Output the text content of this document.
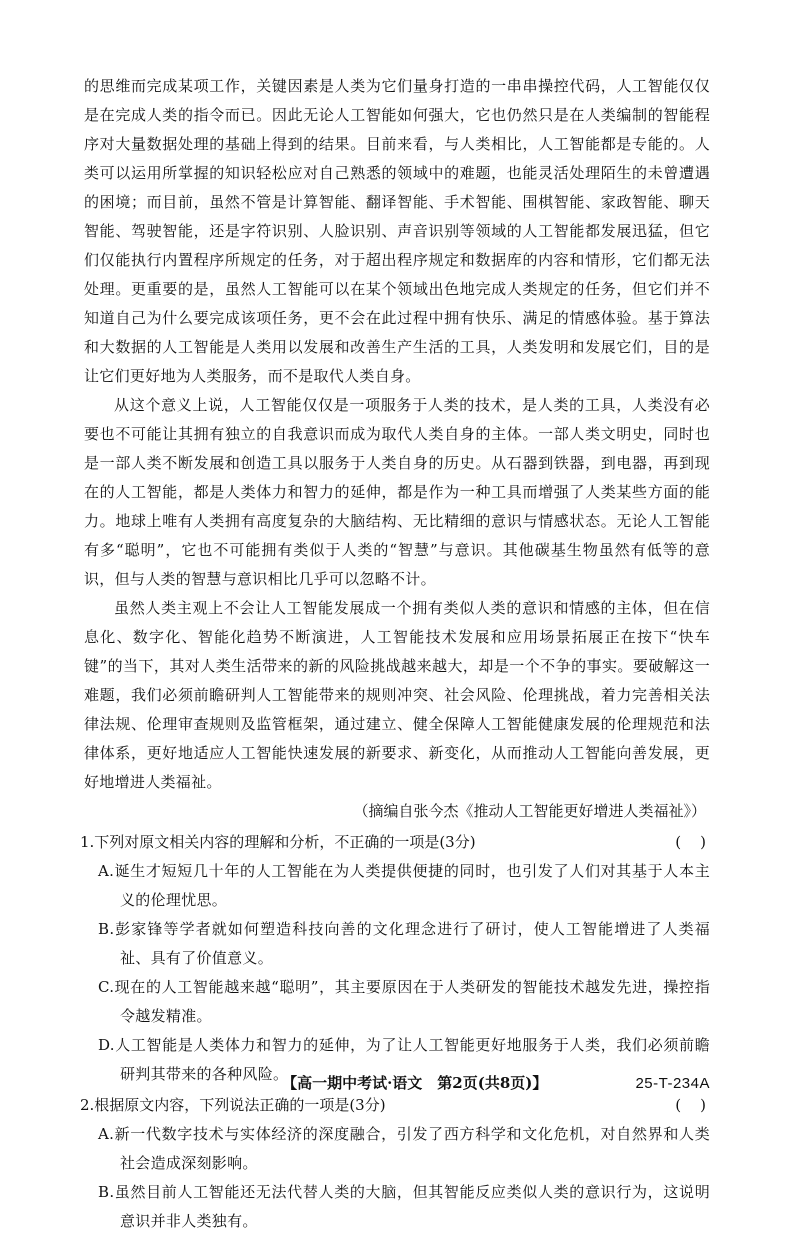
的思维而完成某项工作，关键因素是人类为它们量身打造的一串串操控代码，人工智能仅仅是在完成人类的指令而已。因此无论人工智能如何强大，它也仍然只是在人类编制的智能程序对大量数据处理的基础上得到的结果。目前来看，与人类相比，人工智能都是专能的。人类可以运用所掌握的知识轻松应对自己熟悉的领域中的难题，也能灵活处理陌生的未曾遭遇的困境；而目前，虽然不管是计算智能、翻译智能、手术智能、围棋智能、家政智能、聊天智能、驾驶智能，还是字符识别、人脸识别、声音识别等领域的人工智能都发展迅猛，但它们仅能执行内置程序所规定的任务，对于超出程序规定和数据库的内容和情形，它们都无法处理。更重要的是，虽然人工智能可以在某个领域出色地完成人类规定的任务，但它们并不知道自己为什么要完成该项任务，更不会在此过程中拥有快乐、满足的情感体验。基于算法和大数据的人工智能是人类用以发展和改善生产生活的工具，人类发明和发展它们，目的是让它们更好地为人类服务，而不是取代人类自身。

从这个意义上说，人工智能仅仅是一项服务于人类的技术，是人类的工具，人类没有必要也不可能让其拥有独立的自我意识而成为取代人类自身的主体。一部人类文明史，同时也是一部人类不断发展和创造工具以服务于人类自身的历史。从石器到铁器，到电器，再到现在的人工智能，都是人类体力和智力的延伸，都是作为一种工具而增强了人类某些方面的能力。地球上唯有人类拥有高度复杂的大脑结构、无比精细的意识与情感状态。无论人工智能有多“聪明”，它也不可能拥有类似于人类的“智慧”与意识。其他碳基生物虽然有低等的意识，但与人类的智慧与意识相比几乎可以忽略不计。

虽然人类主观上不会让人工智能发展成一个拥有类似人类的意识和情感的主体，但在信息化、数字化、智能化趋势不断演进，人工智能技术发展和应用场景拓展正在按下“快车键”的当下，其对人类生活带来的新的风险挑战越来越大，却是一个不争的事实。要破解这一难题，我们必须前瞻研判人工智能带来的规则冲突、社会风险、伦理挑战，着力完善相关法律法规、伦理审查规则及监管框架，通过建立、健全保障人工智能健康发展的伦理规范和法律体系，更好地适应人工智能快速发展的新要求、新变化，从而推动人工智能向善发展，更好地增进人类福祉。

（摘编自张今杰《推动人工智能更好增进人类福祉》）

1.下列对原文相关内容的理解和分析，不正确的一项是(3分)	(    )
A.诞生才短短几十年的人工智能在为人类提供便捷的同时，也引发了人们对其基于人本主义的伦理忧思。
B.彭家锋等学者就如何塑造科技向善的文化理念进行了研讨，使人工智能增进了人类福祉、具有了价值意义。
C.现在的人工智能越来越“聪明”，其主要原因在于人类研发的智能技术越发先进，操控指令越发精准。
D.人工智能是人类体力和智力的延伸，为了让人工智能更好地服务于人类，我们必须前瞻研判其带来的各种风险。
2.根据原文内容，下列说法正确的一项是(3分)	(    )
A.新一代数字技术与实体经济的深度融合，引发了西方科学和文化危机，对自然界和人类社会造成深刻影响。
B.虽然目前人工智能还无法代替人类的大脑，但其智能反应类似人类的意识行为，这说明意识并非人类独有。
【高一期中考试·语文　第2页(共8页)】	25-T-234A
